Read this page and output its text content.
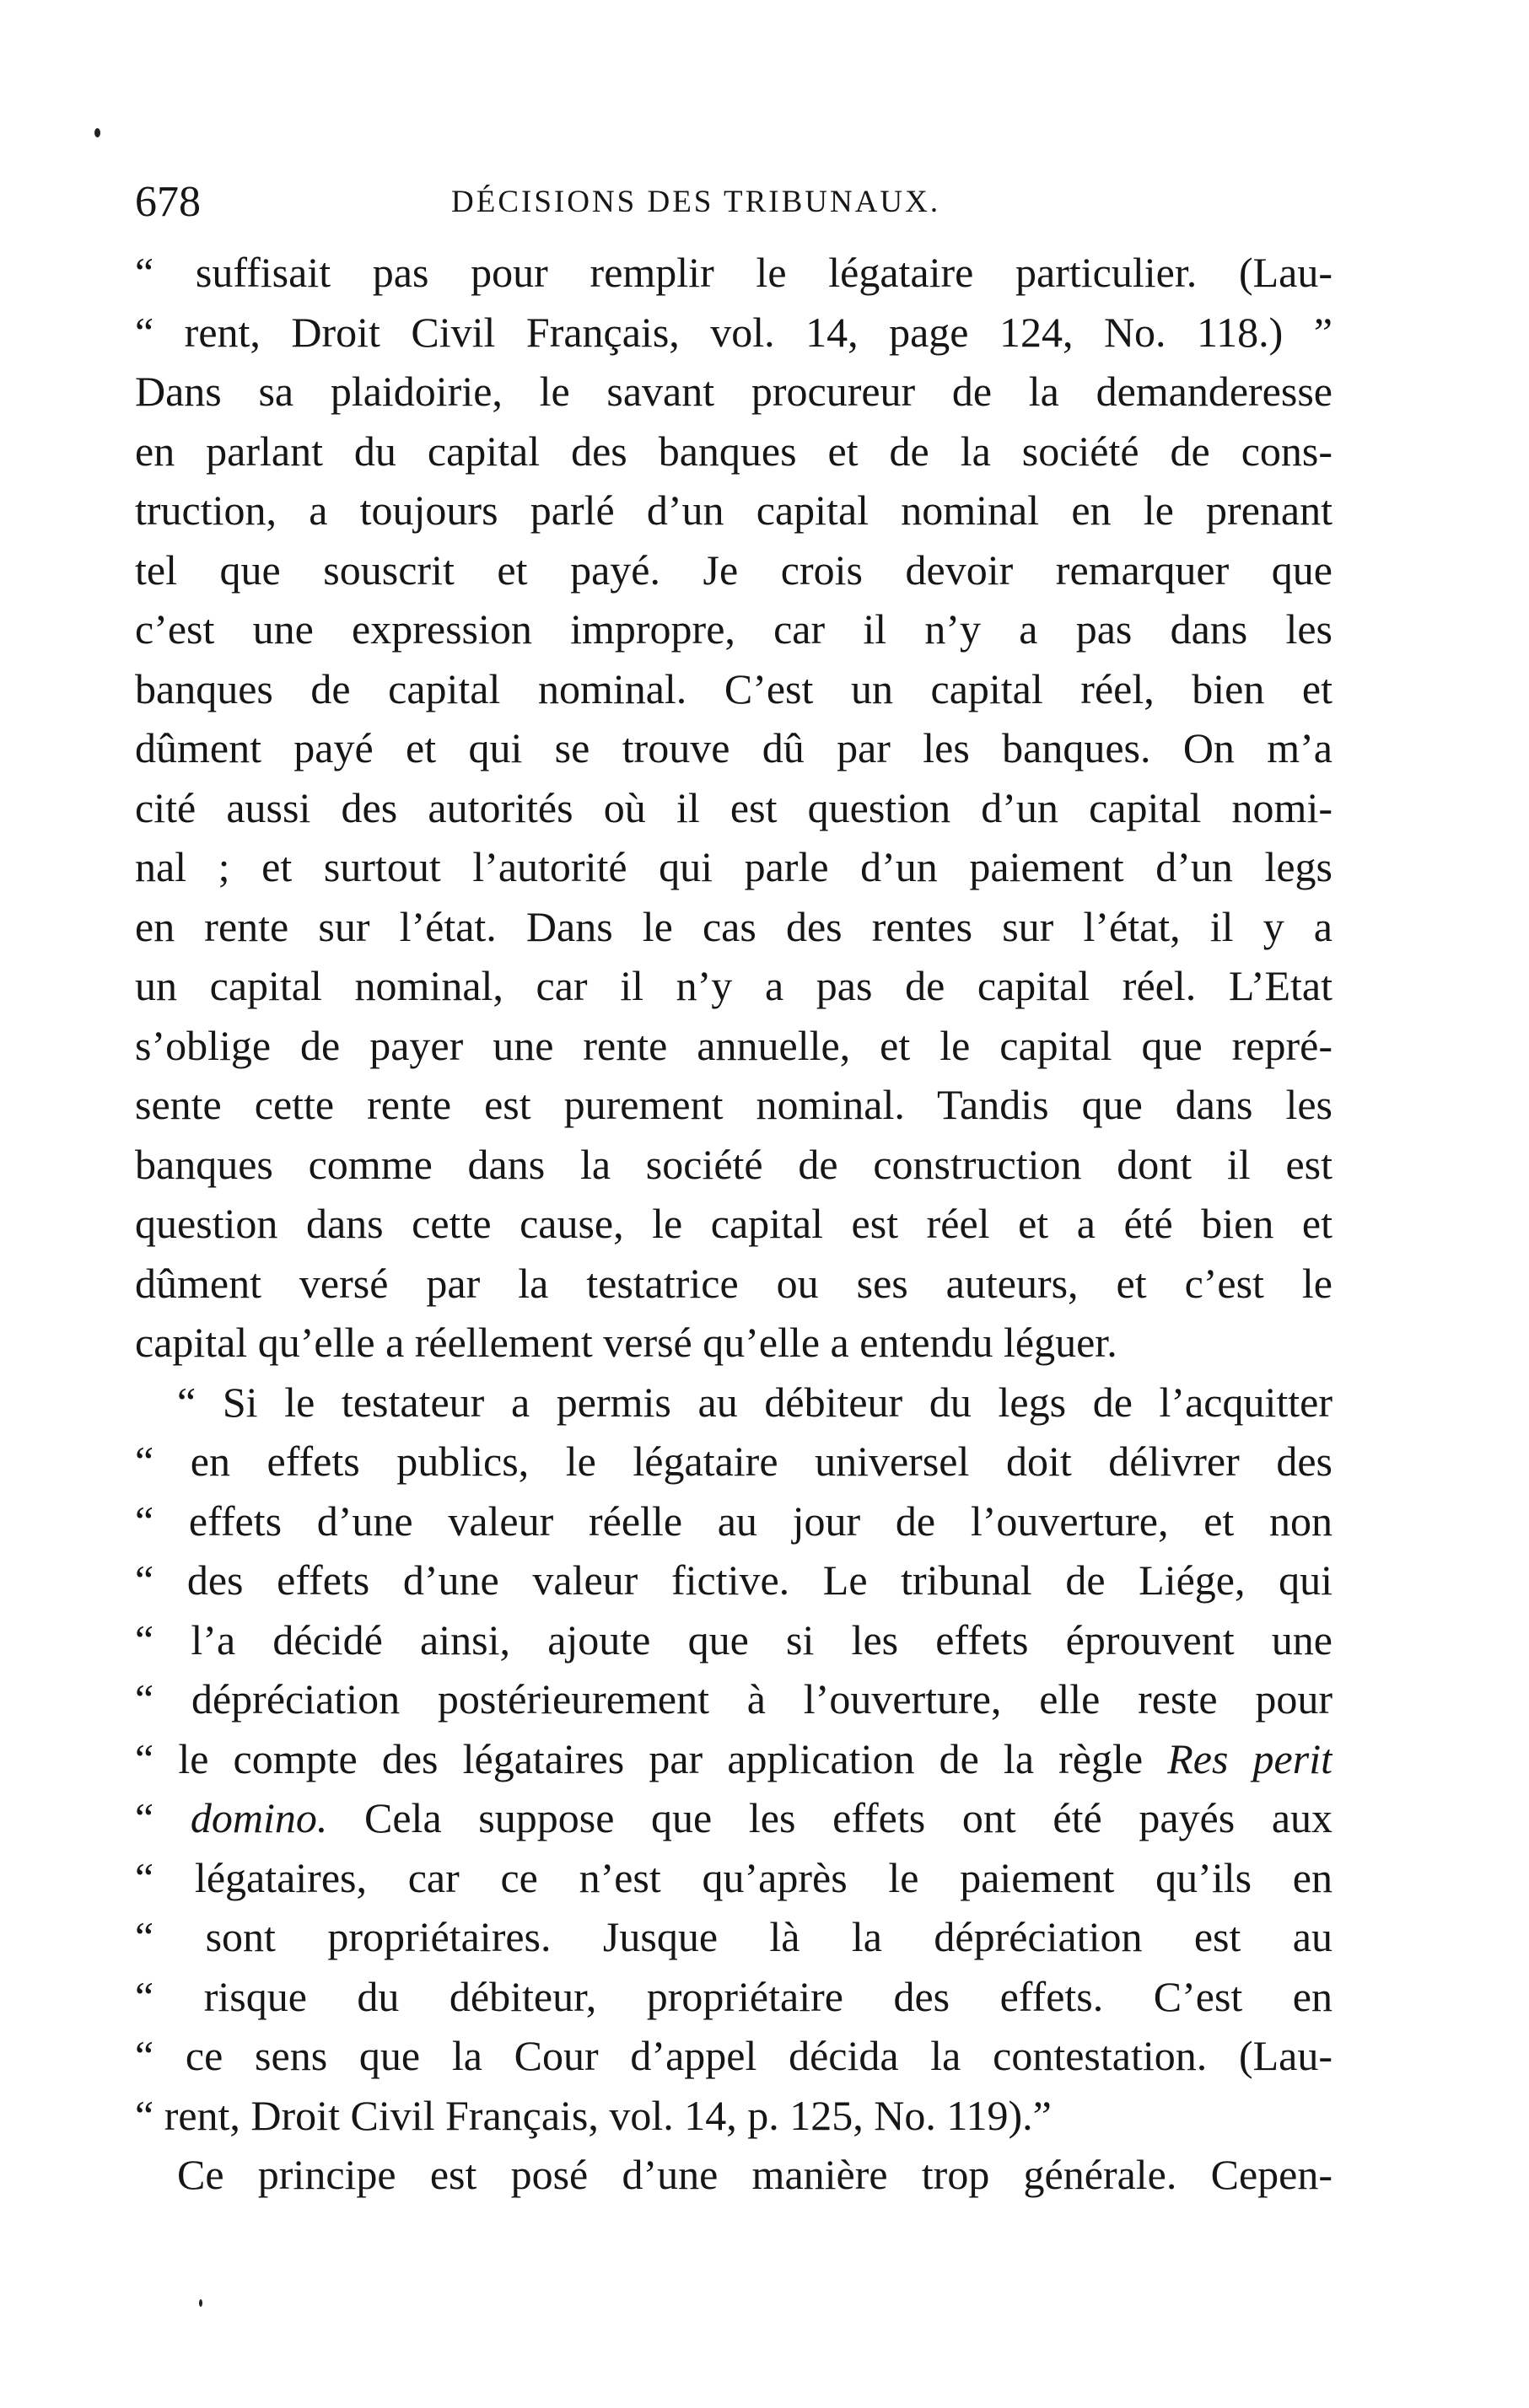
678	DÉCISIONS DES TRIBUNAUX.
“ suffisait pas pour remplir le légataire particulier. (Lau-
“ rent, Droit Civil Français, vol. 14, page 124, No. 118.) ”
Dans sa plaidoirie, le savant procureur de la demanderesse
en parlant du capital des banques et de la société de cons-
truction, a toujours parlé d’un capital nominal en le prenant
tel que souscrit et payé. Je crois devoir remarquer que
c’est une expression impropre, car il n’y a pas dans les
banques de capital nominal. C’est un capital réel, bien et
dûment payé et qui se trouve dû par les banques. On m’a
cité aussi des autorités où il est question d’un capital nomi-
nal ; et surtout l’autorité qui parle d’un paiement d’un legs
en rente sur l’état. Dans le cas des rentes sur l’état, il y a
un capital nominal, car il n’y a pas de capital réel. L’Etat
s’oblige de payer une rente annuelle, et le capital que repré-
sente cette rente est purement nominal. Tandis que dans les
banques comme dans la société de construction dont il est
question dans cette cause, le capital est réel et a été bien et
dûment versé par la testatrice ou ses auteurs, et c’est le
capital qu’elle a réellement versé qu’elle a entendu léguer.
“ Si le testateur a permis au débiteur du legs de l’acquitter
“ en effets publics, le légataire universel doit délivrer des
“ effets d’une valeur réelle au jour de l’ouverture, et non
“ des effets d’une valeur fictive. Le tribunal de Liége, qui
“ l’a décidé ainsi, ajoute que si les effets éprouvent une
“ dépréciation postérieurement à l’ouverture, elle reste pour
“ le compte des légataires par application de la règle Res perit
“ domino. Cela suppose que les effets ont été payés aux
“ légataires, car ce n’est qu’après le paiement qu’ils en
“ sont propriétaires. Jusque là la dépréciation est au
“ risque du débiteur, propriétaire des effets. C’est en
“ ce sens que la Cour d’appel décida la contestation. (Lau-
“ rent, Droit Civil Français, vol. 14, p. 125, No. 119).”
Ce principe est posé d’une manière trop générale. Cepen-
